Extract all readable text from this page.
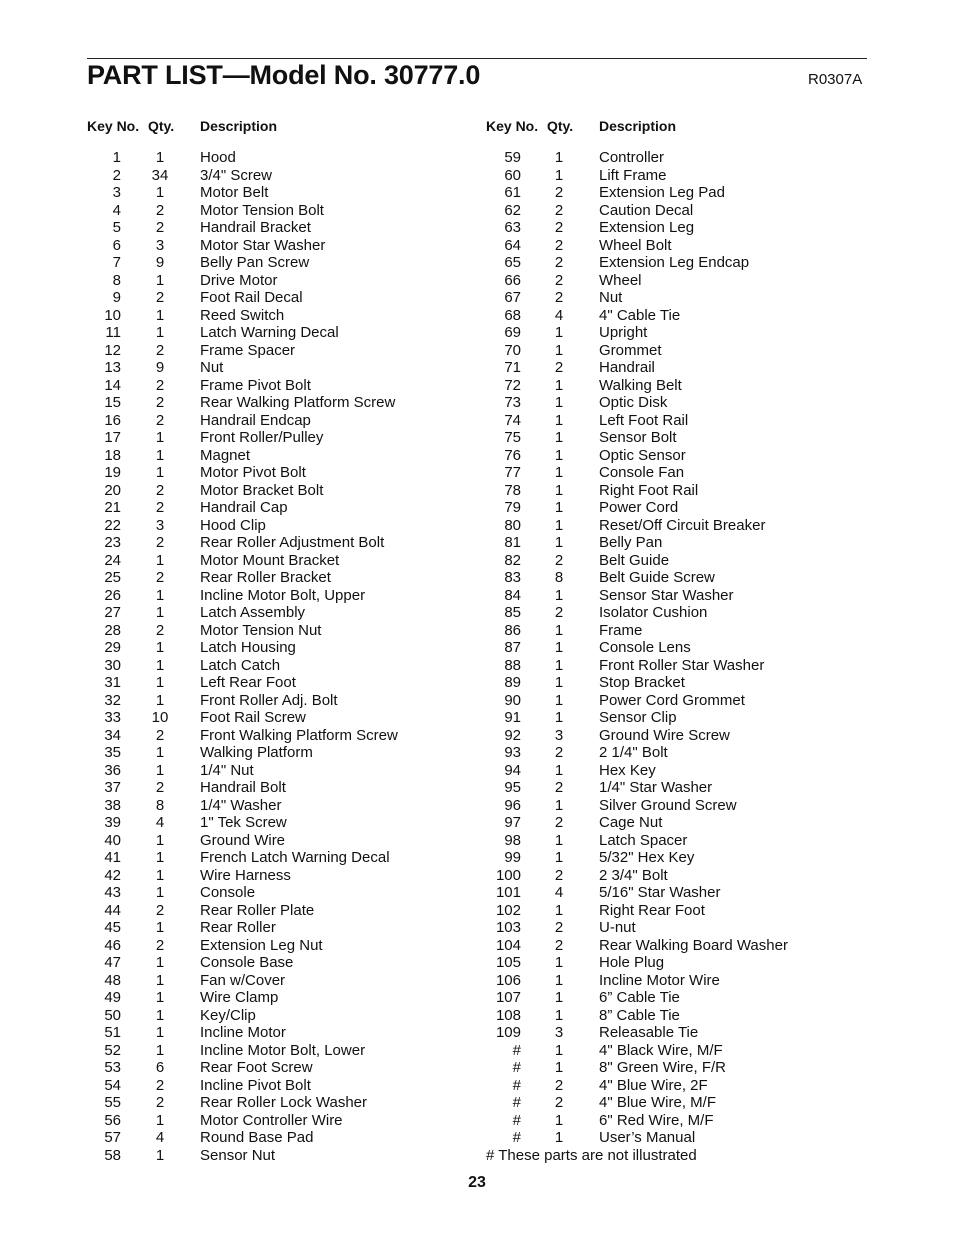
PART LIST—Model No. 30777.0	R0307A
Key No. Qty. Description
1	1	Hood
2	34	3/4" Screw
3	1	Motor Belt
4	2	Motor Tension Bolt
5	2	Handrail Bracket
6	3	Motor Star Washer
7	9	Belly Pan Screw
8	1	Drive Motor
9	2	Foot Rail Decal
10	1	Reed Switch
11	1	Latch Warning Decal
12	2	Frame Spacer
13	9	Nut
14	2	Frame Pivot Bolt
15	2	Rear Walking Platform Screw
16	2	Handrail Endcap
17	1	Front Roller/Pulley
18	1	Magnet
19	1	Motor Pivot Bolt
20	2	Motor Bracket Bolt
21	2	Handrail Cap
22	3	Hood Clip
23	2	Rear Roller Adjustment Bolt
24	1	Motor Mount Bracket
25	2	Rear Roller Bracket
26	1	Incline Motor Bolt, Upper
27	1	Latch Assembly
28	2	Motor Tension Nut
29	1	Latch Housing
30	1	Latch Catch
31	1	Left Rear Foot
32	1	Front Roller Adj. Bolt
33	10	Foot Rail Screw
34	2	Front Walking Platform Screw
35	1	Walking Platform
36	1	1/4" Nut
37	2	Handrail Bolt
38	8	1/4" Washer
39	4	1" Tek Screw
40	1	Ground Wire
41	1	French Latch Warning Decal
42	1	Wire Harness
43	1	Console
44	2	Rear Roller Plate
45	1	Rear Roller
46	2	Extension Leg Nut
47	1	Console Base
48	1	Fan w/Cover
49	1	Wire Clamp
50	1	Key/Clip
51	1	Incline Motor
52	1	Incline Motor Bolt, Lower
53	6	Rear Foot Screw
54	2	Incline Pivot Bolt
55	2	Rear Roller Lock Washer
56	1	Motor Controller Wire
57	4	Round Base Pad
58	1	Sensor Nut
Key No. Qty. Description
59	1	Controller
60	1	Lift Frame
61	2	Extension Leg Pad
62	2	Caution Decal
63	2	Extension Leg
64	2	Wheel Bolt
65	2	Extension Leg Endcap
66	2	Wheel
67	2	Nut
68	4	4" Cable Tie
69	1	Upright
70	1	Grommet
71	2	Handrail
72	1	Walking Belt
73	1	Optic Disk
74	1	Left Foot Rail
75	1	Sensor Bolt
76	1	Optic Sensor
77	1	Console Fan
78	1	Right Foot Rail
79	1	Power Cord
80	1	Reset/Off Circuit Breaker
81	1	Belly Pan
82	2	Belt Guide
83	8	Belt Guide Screw
84	1	Sensor Star Washer
85	2	Isolator Cushion
86	1	Frame
87	1	Console Lens
88	1	Front Roller Star Washer
89	1	Stop Bracket
90	1	Power Cord Grommet
91	1	Sensor Clip
92	3	Ground Wire Screw
93	2	2 1/4" Bolt
94	1	Hex Key
95	2	1/4" Star Washer
96	1	Silver Ground Screw
97	2	Cage Nut
98	1	Latch Spacer
99	1	5/32" Hex Key
100	2	2 3/4" Bolt
101	4	5/16" Star Washer
102	1	Right Rear Foot
103	2	U-nut
104	2	Rear Walking Board Washer
105	1	Hole Plug
106	1	Incline Motor Wire
107	1	6” Cable Tie
108	1	8” Cable Tie
109	3	Releasable Tie
#	1	4" Black Wire, M/F
#	1	8" Green Wire, F/R
#	2	4" Blue Wire, 2F
#	2	4" Blue Wire, M/F
#	1	6" Red Wire, M/F
#	1	User’s Manual
# These parts are not illustrated
23
